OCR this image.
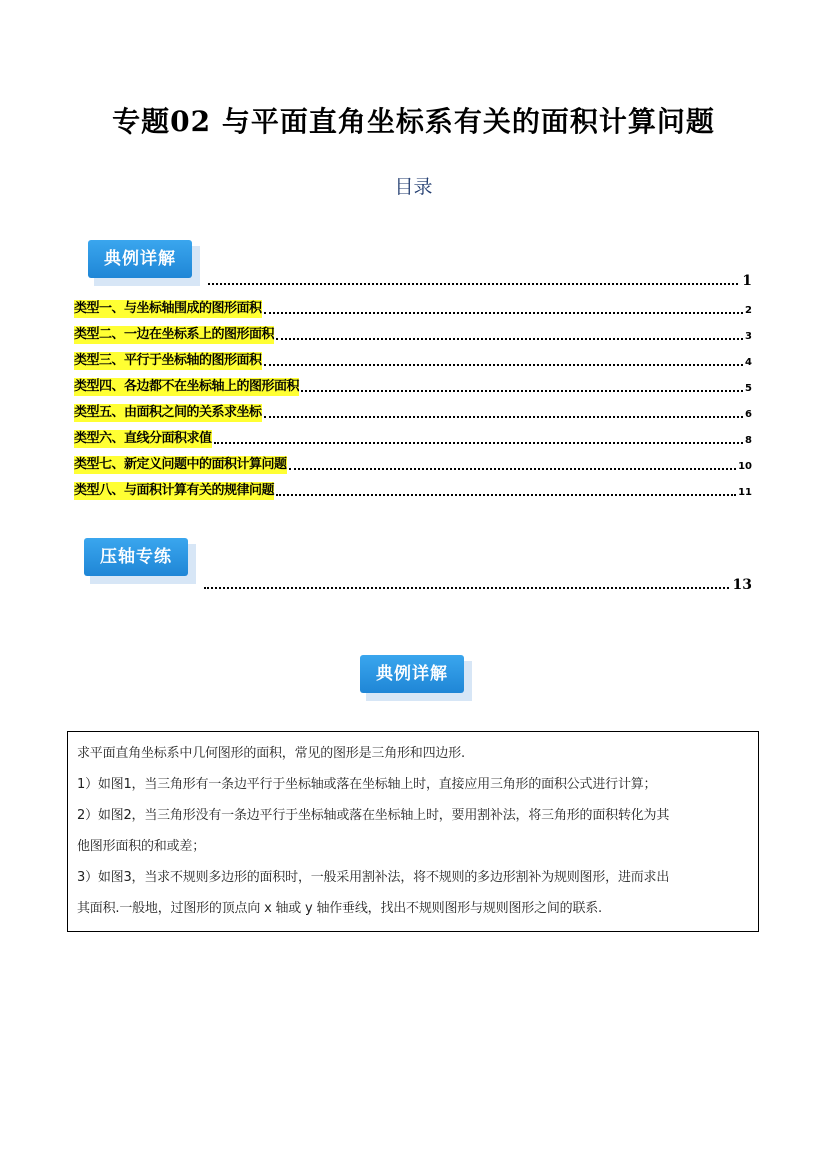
专题02 与平面直角坐标系有关的面积计算问题
目录
典例详解
1
类型一、与坐标轴围成的图形面积	2
类型二、一边在坐标系上的图形面积	3
类型三、平行于坐标轴的图形面积	4
类型四、各边都不在坐标轴上的图形面积	5
类型五、由面积之间的关系求坐标	6
类型六、直线分面积求值	8
类型七、新定义问题中的面积计算问题	10
类型八、与面积计算有关的规律问题	11
压轴专练
13
典例详解

求平面直角坐标系中几何图形的面积，常见的图形是三角形和四边形.

1）如图1，当三角形有一条边平行于坐标轴或落在坐标轴上时，直接应用三角形的面积公式进行计算；

2）如图2，当三角形没有一条边平行于坐标轴或落在坐标轴上时，要用割补法，将三角形的面积转化为其

他图形面积的和或差；

3）如图3，当求不规则多边形的面积时，一般采用割补法，将不规则的多边形割补为规则图形，进而求出

其面积.一般地，过图形的顶点向 x 轴或 y 轴作垂线，找出不规则图形与规则图形之间的联系.
